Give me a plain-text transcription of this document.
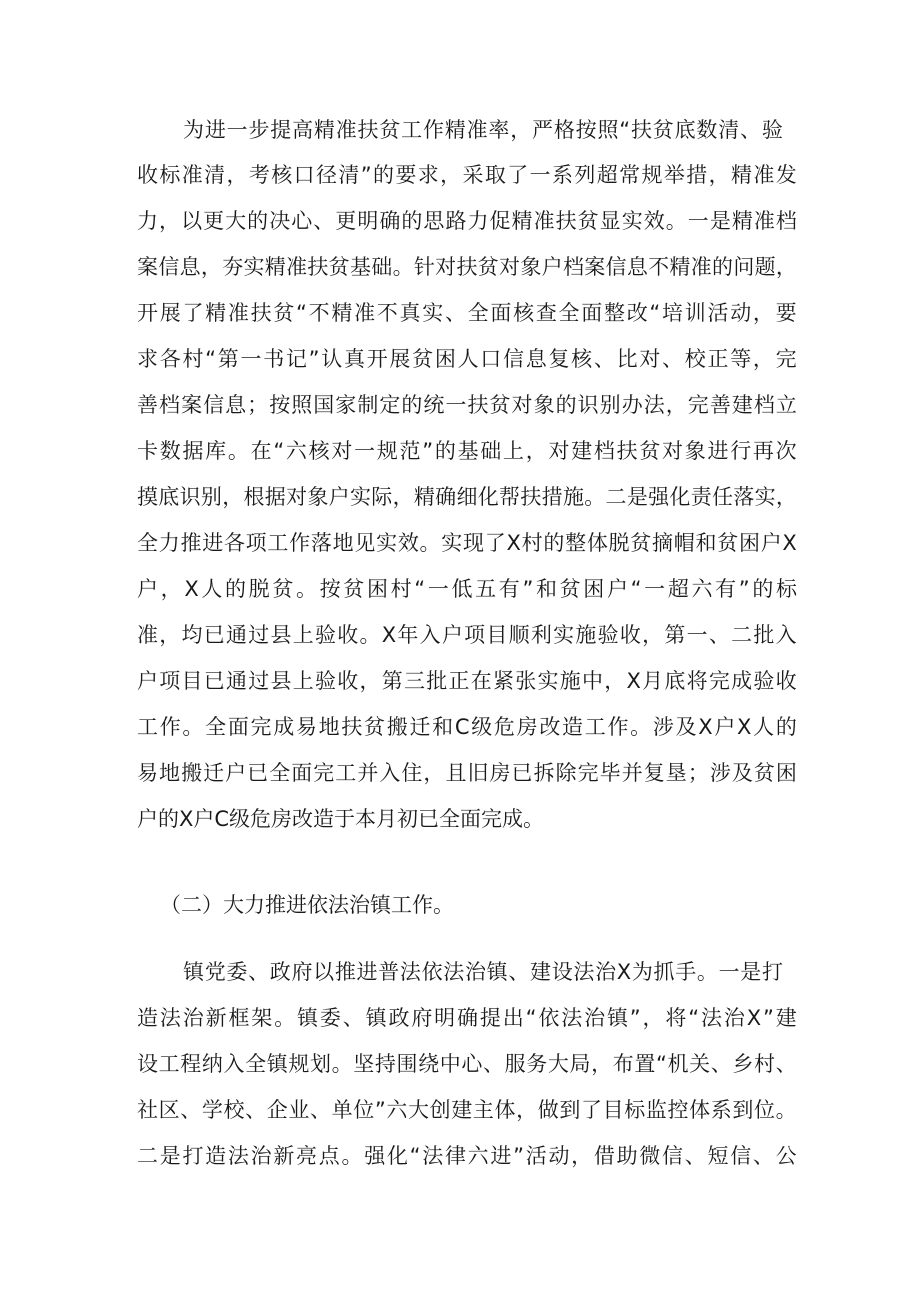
为 进 一 步 提 高 精 准 扶 贫 工 作 精 准 率 ， 严 格 按 照 “ 扶 贫 底 数 清 、 验
收 标 准 清 ， 考 核 口 径 清 ” 的 要 求 ， 采 取 了 一 系 列 超 常 规 举 措 ， 精 准 发
力 ， 以 更 大 的 决 心 、 更 明 确 的 思 路 力 促 精 准 扶 贫 显 实 效 。 一 是 精 准 档
案 信 息 ， 夯 实 精 准 扶 贫 基 础 。 针 对 扶 贫 对 象 户 档 案 信 息 不 精 准 的 问 题 ，
开 展 了 精 准 扶 贫 “ 不 精 准 不 真 实 、 全 面 核 查 全 面 整 改 “ 培 训 活 动 ， 要
求 各 村 “ 第 一 书 记 ” 认 真 开 展 贫 困 人 口 信 息 复 核 、 比 对 、 校 正 等 ， 完
善 档 案 信 息 ； 按 照 国 家 制 定 的 统 一 扶 贫 对 象 的 识 别 办 法 ， 完 善 建 档 立
卡 数 据 库 。 在 “ 六 核 对 一 规 范 ” 的 基 础 上 ， 对 建 档 扶 贫 对 象 进 行 再 次
摸 底 识 别 ， 根 据 对 象 户 实 际 ， 精 确 细 化 帮 扶 措 施 。 二 是 强 化 责 任 落 实 ，
全 力 推 进 各 项 工 作 落 地 见 实 效 。 实 现 了 X 村 的 整 体 脱 贫 摘 帽 和 贫 困 户 X
户 ， X 人 的 脱 贫 。 按 贫 困 村 “ 一 低 五 有 ” 和 贫 困 户 “ 一 超 六 有 ” 的 标
准 ， 均 已 通 过 县 上 验 收 。 X 年 入 户 项 目 顺 利 实 施 验 收 ， 第 一 、 二 批 入
户 项 目 已 通 过 县 上 验 收 ， 第 三 批 正 在 紧 张 实 施 中 ， X 月 底 将 完 成 验 收
工 作 。 全 面 完 成 易 地 扶 贫 搬 迁 和 C 级 危 房 改 造 工 作 。 涉 及 X 户 X 人 的
易 地 搬 迁 户 已 全 面 完 工 并 入 住 ， 且 旧 房 已 拆 除 完 毕 并 复 垦 ； 涉 及 贫 困
户的X户C级危房改造于本月初已全面完成。
（二）大力推进依法治镇工作。
镇 党 委 、 政 府 以 推 进 普 法 依 法 治 镇 、 建 设 法 治 X 为 抓 手 。 一 是 打
造 法 治 新 框 架 。 镇 委 、 镇 政 府 明 确 提 出 “ 依 法 治 镇 ” ， 将 “ 法 治 X ” 建
设 工 程 纳 入 全 镇 规 划 。 坚 持 围 绕 中 心 、 服 务 大 局 ， 布 置 “ 机 关 、 乡 村 、
社 区 、 学 校 、 企 业 、 单 位 ” 六 大 创 建 主 体 ， 做 到 了 目 标 监 控 体 系 到 位 。
二 是 打 造 法 治 新 亮 点 。 强 化 “ 法 律 六 进 ” 活 动 ， 借 助 微 信 、 短 信 、 公
